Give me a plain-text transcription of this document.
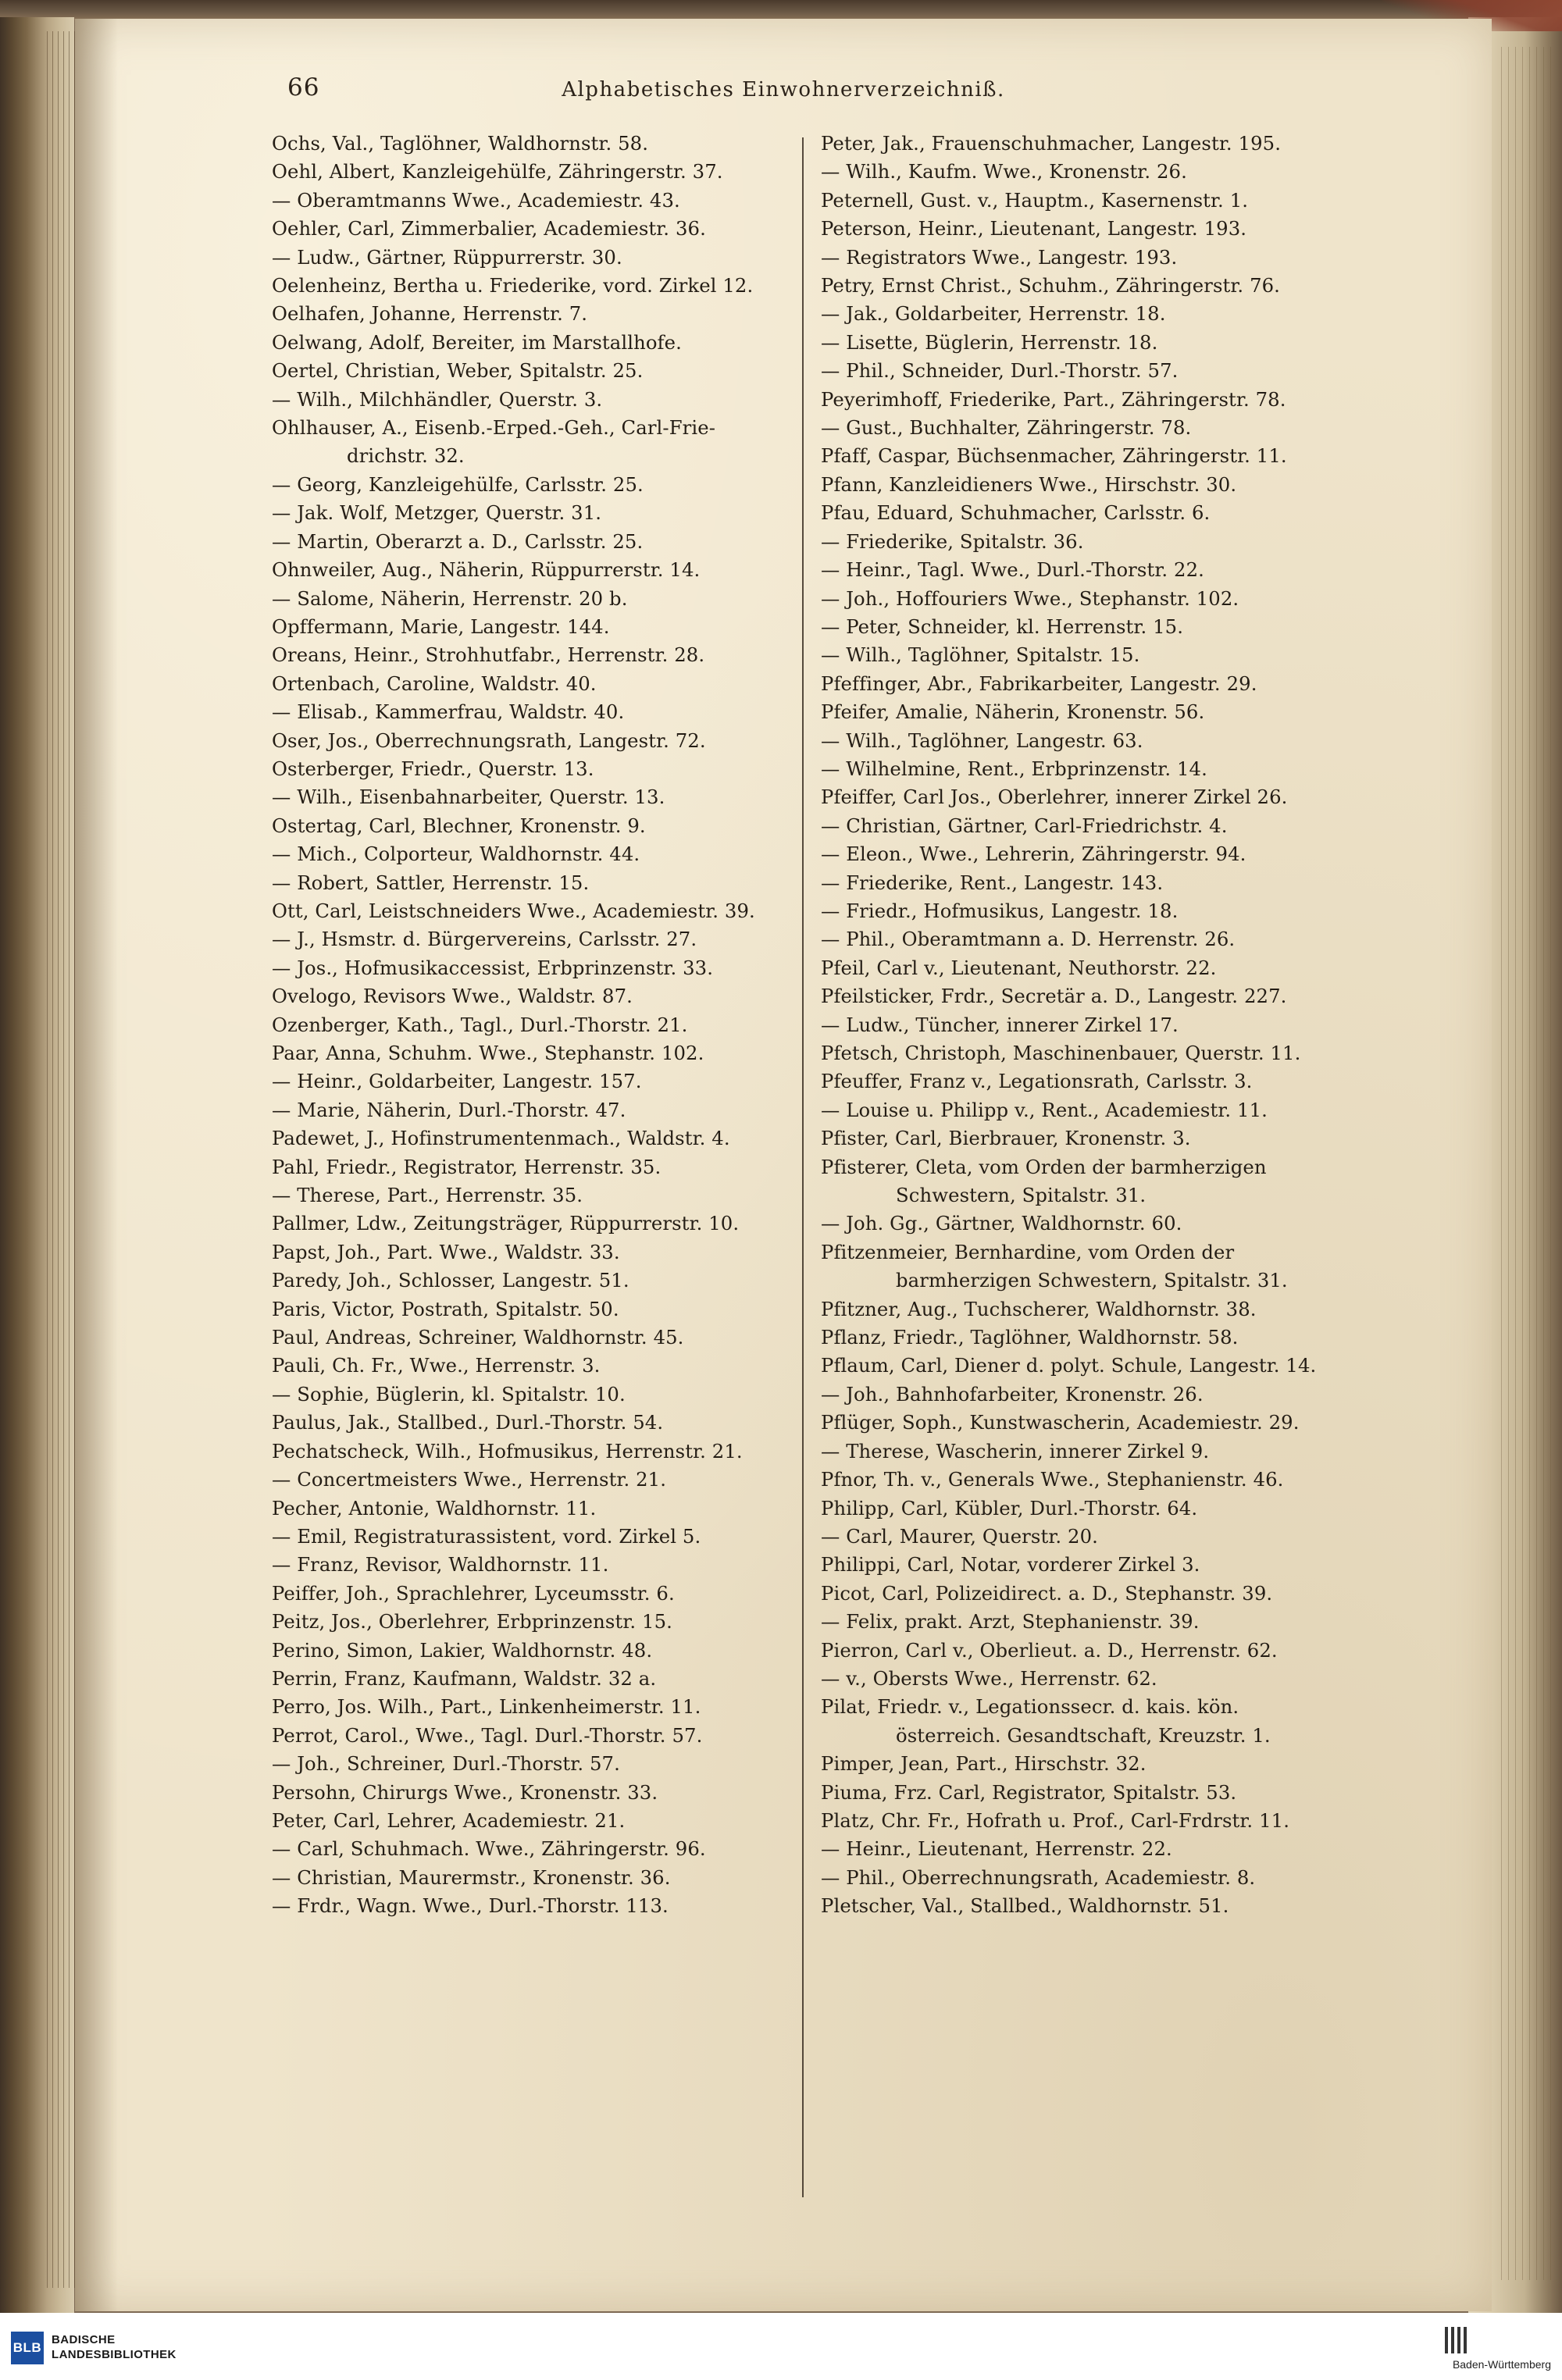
66	Alphabetisches Einwohnerverzeichniß.
Ochs, Val., Taglöhner, Waldhornstr. 58.
Oehl, Albert, Kanzleigehülfe, Zähringerstr. 37.
— Oberamtmanns Wwe., Academiestr. 43.
Oehler, Carl, Zimmerbalier, Academiestr. 36.
— Ludw., Gärtner, Rüppurrerstr. 30.
Oelenheinz, Bertha u. Friederike, vord. Zirkel 12.
Oelhafen, Johanne, Herrenstr. 7.
Oelwang, Adolf, Bereiter, im Marstallhofe.
Oertel, Christian, Weber, Spitalstr. 25.
— Wilh., Milchhändler, Querstr. 3.
Ohlhauser, A., Eisenb.-Erped.-Geh., Carl-Frie-
drichstr. 32.
— Georg, Kanzleigehülfe, Carlsstr. 25.
— Jak. Wolf, Metzger, Querstr. 31.
— Martin, Oberarzt a. D., Carlsstr. 25.
Ohnweiler, Aug., Näherin, Rüppurrerstr. 14.
— Salome, Näherin, Herrenstr. 20 b.
Opffermann, Marie, Langestr. 144.
Oreans, Heinr., Strohhutfabr., Herrenstr. 28.
Ortenbach, Caroline, Waldstr. 40.
— Elisab., Kammerfrau, Waldstr. 40.
Oser, Jos., Oberrechnungsrath, Langestr. 72.
Osterberger, Friedr., Querstr. 13.
— Wilh., Eisenbahnarbeiter, Querstr. 13.
Ostertag, Carl, Blechner, Kronenstr. 9.
— Mich., Colporteur, Waldhornstr. 44.
— Robert, Sattler, Herrenstr. 15.
Ott, Carl, Leistschneiders Wwe., Academiestr. 39.
— J., Hsmstr. d. Bürgervereins, Carlsstr. 27.
— Jos., Hofmusikaccessist, Erbprinzenstr. 33.
Ovelogo, Revisors Wwe., Waldstr. 87.
Ozenberger, Kath., Tagl., Durl.-Thorstr. 21.
Paar, Anna, Schuhm. Wwe., Stephanstr. 102.
— Heinr., Goldarbeiter, Langestr. 157.
— Marie, Näherin, Durl.-Thorstr. 47.
Padewet, J., Hofinstrumentenmach., Waldstr. 4.
Pahl, Friedr., Registrator, Herrenstr. 35.
— Therese, Part., Herrenstr. 35.
Pallmer, Ldw., Zeitungsträger, Rüppurrerstr. 10.
Papst, Joh., Part. Wwe., Waldstr. 33.
Paredy, Joh., Schlosser, Langestr. 51.
Paris, Victor, Postrath, Spitalstr. 50.
Paul, Andreas, Schreiner, Waldhornstr. 45.
Pauli, Ch. Fr., Wwe., Herrenstr. 3.
— Sophie, Büglerin, kl. Spitalstr. 10.
Paulus, Jak., Stallbed., Durl.-Thorstr. 54.
Pechatscheck, Wilh., Hofmusikus, Herrenstr. 21.
— Concertmeisters Wwe., Herrenstr. 21.
Pecher, Antonie, Waldhornstr. 11.
— Emil, Registraturassistent, vord. Zirkel 5.
— Franz, Revisor, Waldhornstr. 11.
Peiffer, Joh., Sprachlehrer, Lyceumsstr. 6.
Peitz, Jos., Oberlehrer, Erbprinzenstr. 15.
Perino, Simon, Lakier, Waldhornstr. 48.
Perrin, Franz, Kaufmann, Waldstr. 32 a.
Perro, Jos. Wilh., Part., Linkenheimerstr. 11.
Perrot, Carol., Wwe., Tagl. Durl.-Thorstr. 57.
— Joh., Schreiner, Durl.-Thorstr. 57.
Persohn, Chirurgs Wwe., Kronenstr. 33.
Peter, Carl, Lehrer, Academiestr. 21.
— Carl, Schuhmach. Wwe., Zähringerstr. 96.
— Christian, Maurermstr., Kronenstr. 36.
— Frdr., Wagn. Wwe., Durl.-Thorstr. 113.
Peter, Jak., Frauenschuhmacher, Langestr. 195.
— Wilh., Kaufm. Wwe., Kronenstr. 26.
Peternell, Gust. v., Hauptm., Kasernenstr. 1.
Peterson, Heinr., Lieutenant, Langestr. 193.
— Registrators Wwe., Langestr. 193.
Petry, Ernst Christ., Schuhm., Zähringerstr. 76.
— Jak., Goldarbeiter, Herrenstr. 18.
— Lisette, Büglerin, Herrenstr. 18.
— Phil., Schneider, Durl.-Thorstr. 57.
Peyerimhoff, Friederike, Part., Zähringerstr. 78.
— Gust., Buchhalter, Zähringerstr. 78.
Pfaff, Caspar, Büchsenmacher, Zähringerstr. 11.
Pfann, Kanzleidieners Wwe., Hirschstr. 30.
Pfau, Eduard, Schuhmacher, Carlsstr. 6.
— Friederike, Spitalstr. 36.
— Heinr., Tagl. Wwe., Durl.-Thorstr. 22.
— Joh., Hoffouriers Wwe., Stephanstr. 102.
— Peter, Schneider, kl. Herrenstr. 15.
— Wilh., Taglöhner, Spitalstr. 15.
Pfeffinger, Abr., Fabrikarbeiter, Langestr. 29.
Pfeifer, Amalie, Näherin, Kronenstr. 56.
— Wilh., Taglöhner, Langestr. 63.
— Wilhelmine, Rent., Erbprinzenstr. 14.
Pfeiffer, Carl Jos., Oberlehrer, innerer Zirkel 26.
— Christian, Gärtner, Carl-Friedrichstr. 4.
— Eleon., Wwe., Lehrerin, Zähringerstr. 94.
— Friederike, Rent., Langestr. 143.
— Friedr., Hofmusikus, Langestr. 18.
— Phil., Oberamtmann a. D. Herrenstr. 26.
Pfeil, Carl v., Lieutenant, Neuthorstr. 22.
Pfeilsticker, Frdr., Secretär a. D., Langestr. 227.
— Ludw., Tüncher, innerer Zirkel 17.
Pfetsch, Christoph, Maschinenbauer, Querstr. 11.
Pfeuffer, Franz v., Legationsrath, Carlsstr. 3.
— Louise u. Philipp v., Rent., Academiestr. 11.
Pfister, Carl, Bierbrauer, Kronenstr. 3.
Pfisterer, Cleta, vom Orden der barmherzigen
Schwestern, Spitalstr. 31.
— Joh. Gg., Gärtner, Waldhornstr. 60.
Pfitzenmeier, Bernhardine, vom Orden der
barmherzigen Schwestern, Spitalstr. 31.
Pfitzner, Aug., Tuchscherer, Waldhornstr. 38.
Pflanz, Friedr., Taglöhner, Waldhornstr. 58.
Pflaum, Carl, Diener d. polyt. Schule, Langestr. 14.
— Joh., Bahnhofarbeiter, Kronenstr. 26.
Pflüger, Soph., Kunstwascherin, Academiestr. 29.
— Therese, Wascherin, innerer Zirkel 9.
Pfnor, Th. v., Generals Wwe., Stephanienstr. 46.
Philipp, Carl, Kübler, Durl.-Thorstr. 64.
— Carl, Maurer, Querstr. 20.
Philippi, Carl, Notar, vorderer Zirkel 3.
Picot, Carl, Polizeidirect. a. D., Stephanstr. 39.
— Felix, prakt. Arzt, Stephanienstr. 39.
Pierron, Carl v., Oberlieut. a. D., Herrenstr. 62.
— v., Obersts Wwe., Herrenstr. 62.
Pilat, Friedr. v., Legationssecr. d. kais. kön.
österreich. Gesandtschaft, Kreuzstr. 1.
Pimper, Jean, Part., Hirschstr. 32.
Piuma, Frz. Carl, Registrator, Spitalstr. 53.
Platz, Chr. Fr., Hofrath u. Prof., Carl-Frdrstr. 11.
— Heinr., Lieutenant, Herrenstr. 22.
— Phil., Oberrechnungsrath, Academiestr. 8.
Pletscher, Val., Stallbed., Waldhornstr. 51.
BLB
BADISCHE
LANDESBIBLIOTHEK
Baden-Württemberg
